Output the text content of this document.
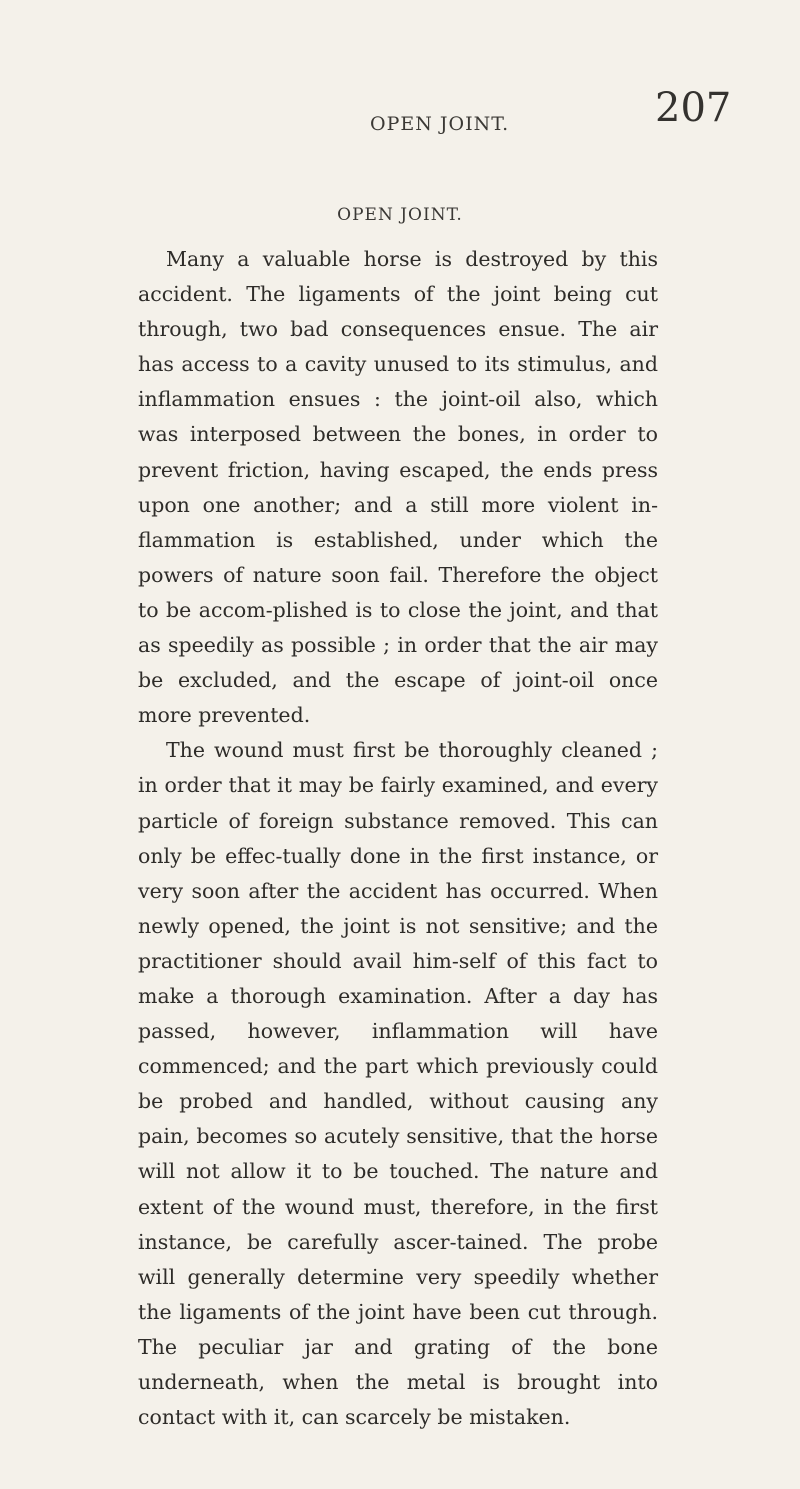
OPEN JOINT.	207
OPEN JOINT.

Many a valuable horse is destroyed by this accident. The ligaments of the joint being cut through, two bad consequences ensue. The air has access to a cavity unused to its stimulus, and inflammation ensues : the joint-oil also, which was interposed between the bones, in order to prevent friction, having escaped, the ends press upon one another; and a still more violent in-flammation is established, under which the powers of nature soon fail. Therefore the object to be accom-plished is to close the joint, and that as speedily as possible ; in order that the air may be excluded, and the escape of joint-oil once more prevented.

The wound must first be thoroughly cleaned ; in order that it may be fairly examined, and every particle of foreign substance removed. This can only be effec-tually done in the first instance, or very soon after the accident has occurred. When newly opened, the joint is not sensitive; and the practitioner should avail him-self of this fact to make a thorough examination. After a day has passed, however, inflammation will have commenced; and the part which previously could be probed and handled, without causing any pain, becomes so acutely sensitive, that the horse will not allow it to be touched. The nature and extent of the wound must, therefore, in the first instance, be carefully ascer-tained. The probe will generally determine very speedily whether the ligaments of the joint have been cut through. The peculiar jar and grating of the bone underneath, when the metal is brought into contact with it, can scarcely be mistaken.
